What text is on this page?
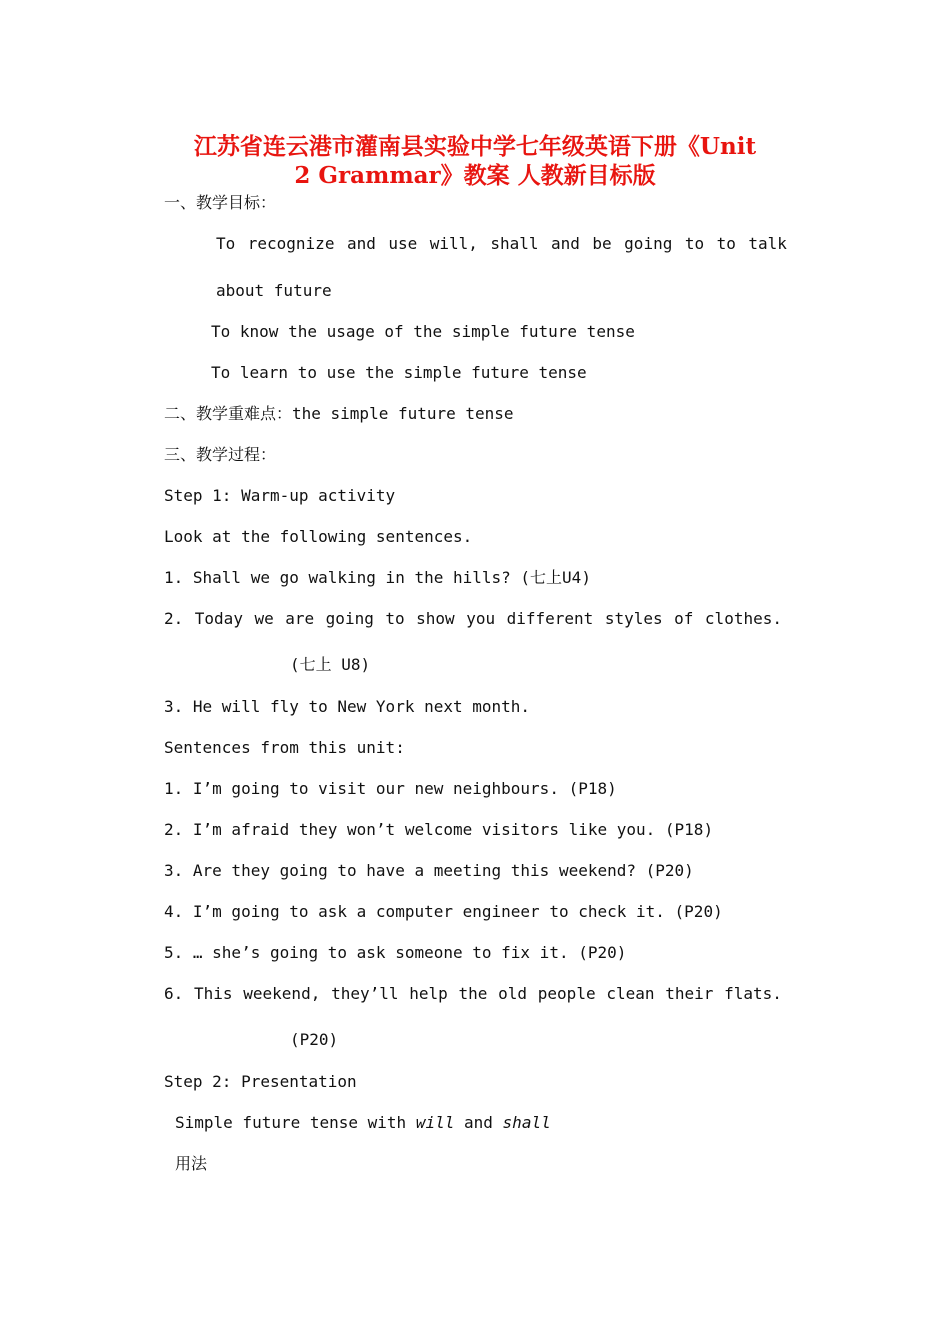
江苏省连云港市灌南县实验中学七年级英语下册《Unit
2 Grammar》教案 人教新目标版
一、教学目标：
To recognize and use will, shall and be going to to talk
about future
To know the usage of the simple future tense
To learn to use the simple future tense
二、教学重难点：the simple future tense
三、教学过程：
Step 1: Warm-up activity
Look at the following sentences.
1. Shall we go walking in the hills? (七上U4)
2. Today we are going to show you different styles of clothes.
(七上 U8)
3. He will fly to New York next month.
Sentences from this unit:
1. I’m going to visit our new neighbours. (P18)
2. I’m afraid they won’t welcome visitors like you. (P18)
3. Are they going to have a meeting this weekend? (P20)
4. I’m going to ask a computer engineer to check it. (P20)
5. … she’s going to ask someone to fix it. (P20)
6. This weekend, they’ll help the old people clean their flats.
(P20)
Step 2: Presentation
Simple future tense with will and shall
用法
